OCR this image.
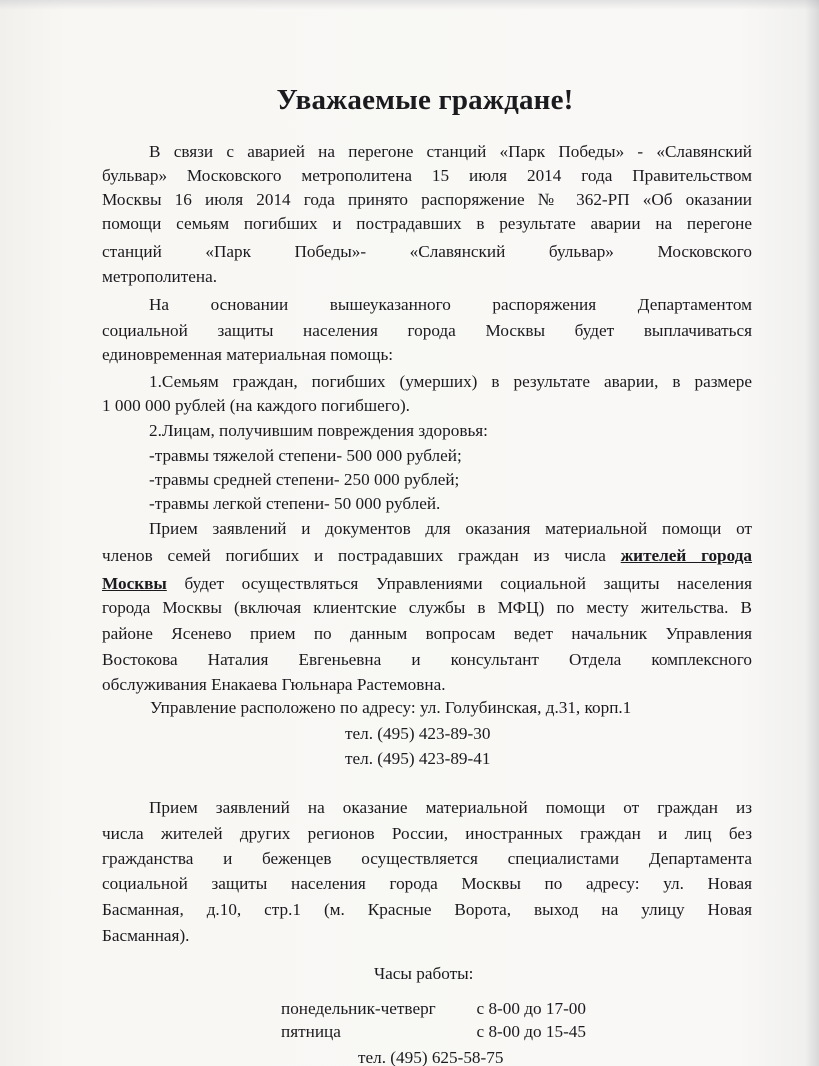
Уважаемые граждане!
В связи с аварией на перегоне станций «Парк Победы» - «Славянский
бульвар» Московского метрополитена 15 июля 2014 года Правительством
Москвы 16 июля 2014 года принято распоряжение № 362-РП «Об оказании
помощи семьям погибших и пострадавших в результате аварии на перегоне
станций «Парк Победы»- «Славянский бульвар» Московского
метрополитена.
На основании вышеуказанного распоряжения Департаментом
социальной защиты населения города Москвы будет выплачиваться
единовременная материальная помощь:
1.Семьям граждан, погибших (умерших) в результате аварии, в размере
1 000 000 рублей (на каждого погибшего).
2.Лицам, получившим повреждения здоровья:
-травмы тяжелой степени- 500 000 рублей;
-травмы средней степени- 250 000 рублей;
-травмы легкой степени- 50 000 рублей.
Прием заявлений и документов для оказания материальной помощи от
членов семей погибших и пострадавших граждан из числа жителей города
Москвы будет осуществляться Управлениями социальной защиты населения
города Москвы (включая клиентские службы в МФЦ) по месту жительства. В
районе Ясенево прием по данным вопросам ведет начальник Управления
Востокова Наталия Евгеньевна и консультант Отдела комплексного
обслуживания Енакаева Гюльнара Растемовна.
Управление расположено по адресу: ул. Голубинская, д.31, корп.1
тел. (495) 423-89-30
тел. (495) 423-89-41
Прием заявлений на оказание материальной помощи от граждан из
числа жителей других регионов России, иностранных граждан и лиц без
гражданства и беженцев осуществляется специалистами Департамента
социальной защиты населения города Москвы по адресу: ул. Новая
Басманная, д.10, стр.1 (м. Красные Ворота, выход на улицу Новая
Басманная).
Часы работы:
понедельник-четверг с 8-00 до 17-00
пятница	с 8-00 до 15-45
тел. (495) 625-58-75
